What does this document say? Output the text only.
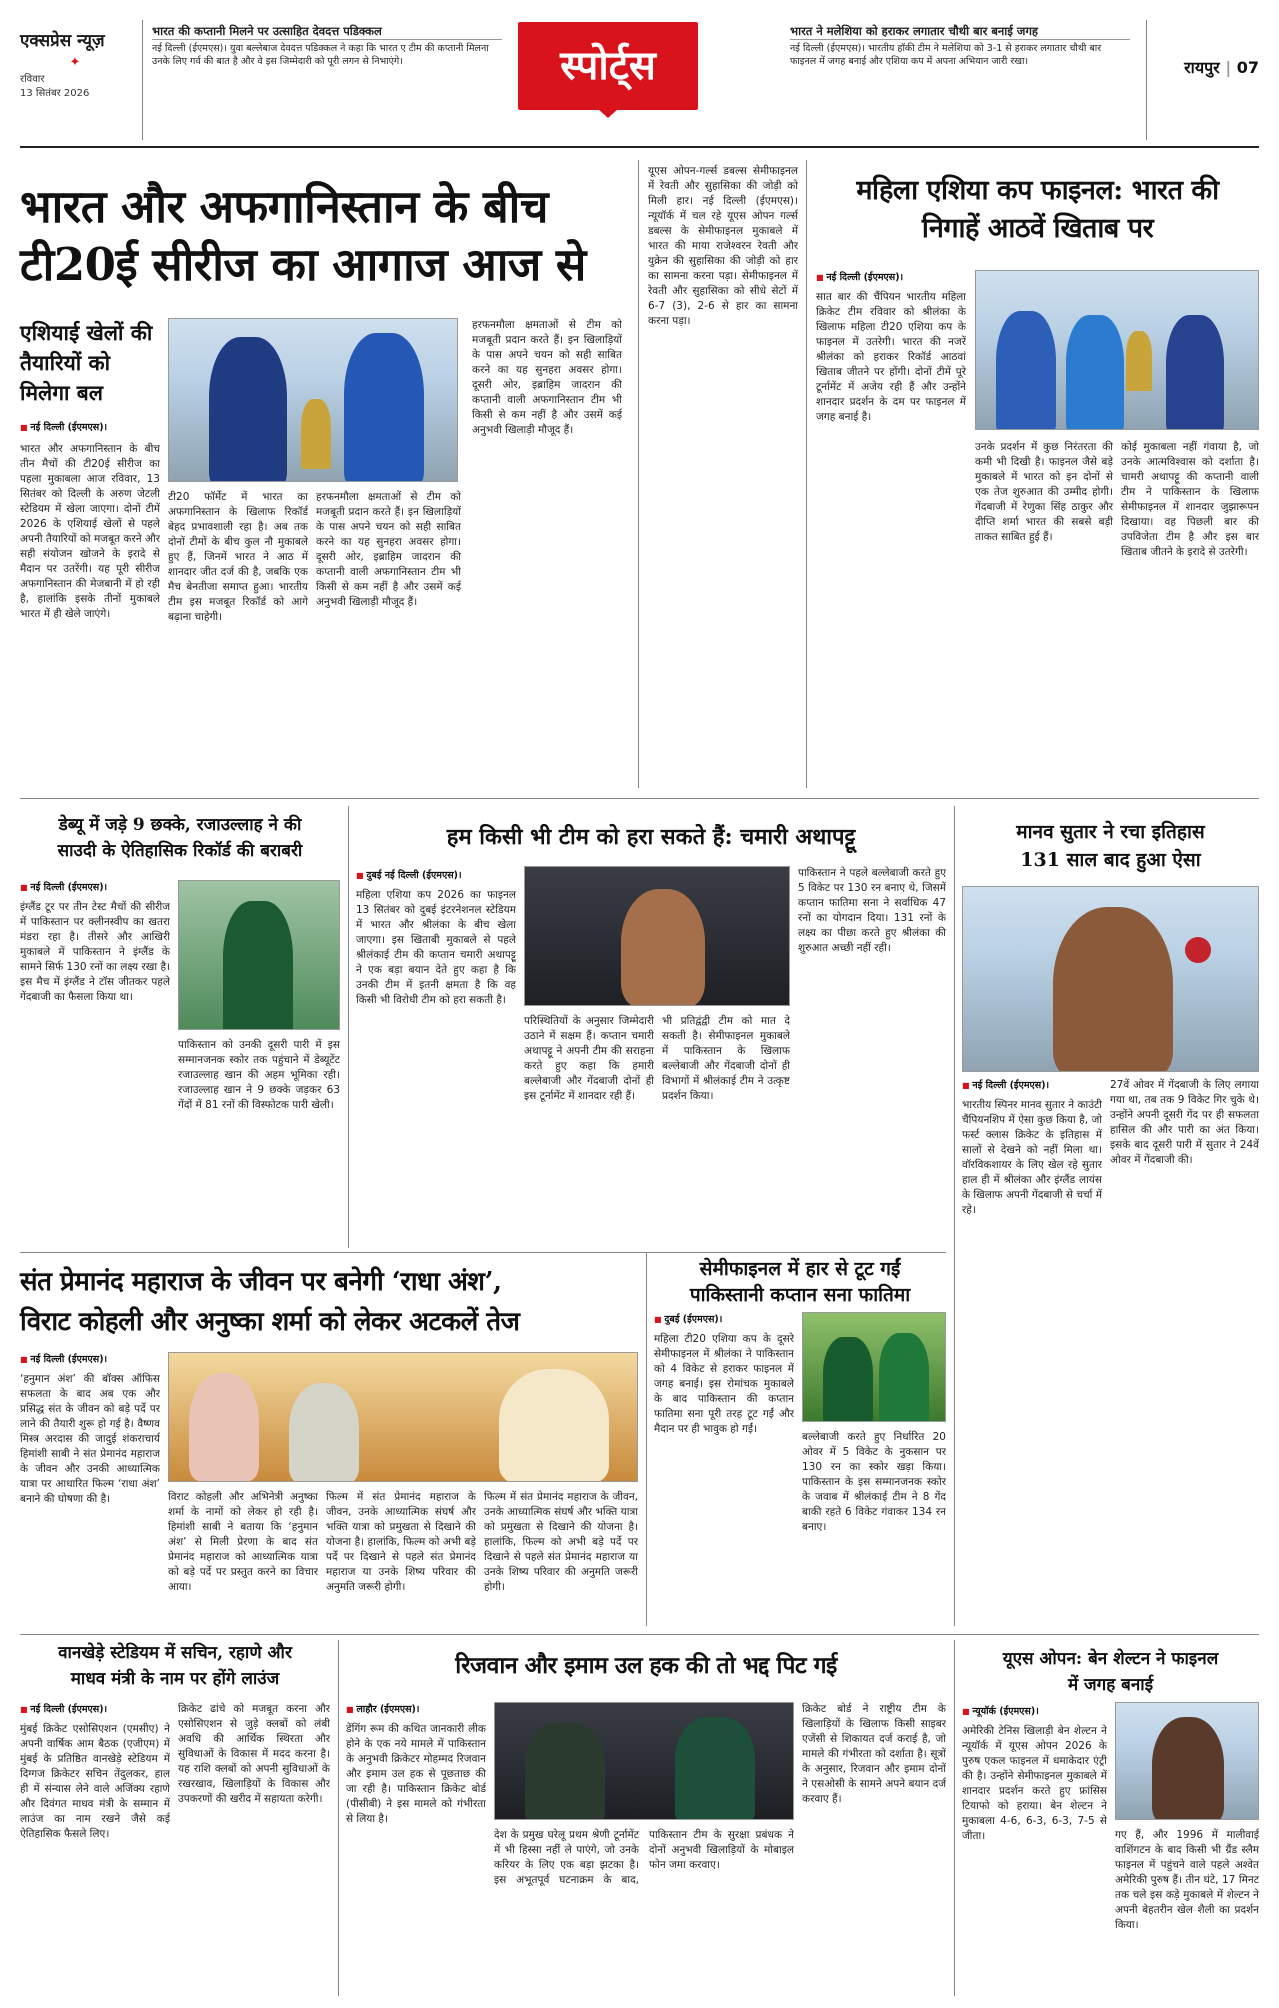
एक्सप्रेस न्यूज़
✦
रविवार
13 सितंबर 2026
भारत की कप्तानी मिलने पर उत्साहित देवदत्त पडिक्कल
नई दिल्ली (ईएमएस)। युवा बल्लेबाज देवदत्त पडिक्कल ने कहा कि भारत ए टीम की कप्तानी मिलना उनके लिए गर्व की बात है और वे इस जिम्मेदारी को पूरी लगन से निभाएंगे।	स्पोर्ट्स
भारत ने मलेशिया को हराकर लगातार चौथी बार बनाई जगह
नई दिल्ली (ईएमएस)। भारतीय हॉकी टीम ने मलेशिया को 3-1 से हराकर लगातार चौथी बार फाइनल में जगह बनाई और एशिया कप में अपना अभियान जारी रखा।	रायपुर | 07
भारत और अफगानिस्तान के बीच
टी20ई सीरीज का आगाज आज से
एशियाई खेलों की तैयारियों को मिलेगा बल
■ नई दिल्ली (ईएमएस)।
भारत और अफगानिस्तान के बीच तीन मैचों की टी20ई सीरीज का पहला मुकाबला आज रविवार, 13 सितंबर को दिल्ली के अरुण जेटली स्टेडियम में खेला जाएगा। दोनों टीमें 2026 के एशियाई खेलों से पहले अपनी तैयारियों को मजबूत करने और सही संयोजन खोजने के इरादे से मैदान पर उतरेंगी। यह पूरी सीरीज अफगानिस्तान की मेजबानी में हो रही है, हालांकि इसके तीनों मुकाबले भारत में ही खेले जाएंगे।
टी20 फॉर्मेट में भारत का अफगानिस्तान के खिलाफ रिकॉर्ड बेहद प्रभावशाली रहा है। अब तक दोनों टीमों के बीच कुल नौ मुकाबले हुए हैं, जिनमें भारत ने आठ में शानदार जीत दर्ज की है, जबकि एक मैच बेनतीजा समाप्त हुआ। भारतीय टीम इस मजबूत रिकॉर्ड को आगे बढ़ाना चाहेगी।
हरफनमौला क्षमताओं से टीम को मजबूती प्रदान करते हैं। इन खिलाड़ियों के पास अपने चयन को सही साबित करने का यह सुनहरा अवसर होगा। दूसरी ओर, इब्राहिम जादरान की कप्तानी वाली अफगानिस्तान टीम भी किसी से कम नहीं है और उसमें कई अनुभवी खिलाड़ी मौजूद हैं।
हरफनमौला क्षमताओं से टीम को मजबूती प्रदान करते हैं। इन खिलाड़ियों के पास अपने चयन को सही साबित करने का यह सुनहरा अवसर होगा। दूसरी ओर, इब्राहिम जादरान की कप्तानी वाली अफगानिस्तान टीम भी किसी से कम नहीं है और उसमें कई अनुभवी खिलाड़ी मौजूद हैं।
यूएस ओपन-गर्ल्स डबल्स सेमीफाइनल में रेवती और सुहासिका की जोड़ी को मिली हार। नई दिल्ली (ईएमएस)। न्यूयॉर्क में चल रहे यूएस ओपन गर्ल्स डबल्स के सेमीफाइनल मुकाबले में भारत की माया राजेश्वरन रेवती और युक्रेन की सुहासिका की जोड़ी को हार का सामना करना पड़ा। सेमीफाइनल में रेवती और सुहासिका को सीधे सेटों में 6-7 (3), 2-6 से हार का सामना करना पड़ा।
महिला एशिया कप फाइनल: भारत की
निगाहें आठवें खिताब पर
■ नई दिल्ली (ईएमएस)।
सात बार की चैंपियन भारतीय महिला क्रिकेट टीम रविवार को श्रीलंका के खिलाफ महिला टी20 एशिया कप के फाइनल में उतरेगी। भारत की नजरें श्रीलंका को हराकर रिकॉर्ड आठवां खिताब जीतने पर होंगी। दोनों टीमें पूरे टूर्नामेंट में अजेय रही हैं और उन्होंने शानदार प्रदर्शन के दम पर फाइनल में जगह बनाई है।
उनके प्रदर्शन में कुछ निरंतरता की कमी भी दिखी है। फाइनल जैसे बड़े मुकाबले में भारत को इन दोनों से एक तेज शुरुआत की उम्मीद होगी। गेंदबाजी में रेणुका सिंह ठाकुर और दीप्ति शर्मा भारत की सबसे बड़ी ताकत साबित हुई हैं।
कोई मुकाबला नहीं गंवाया है, जो उनके आत्मविश्वास को दर्शाता है। चामरी अथापट्टू की कप्तानी वाली टीम ने पाकिस्तान के खिलाफ सेमीफाइनल में शानदार जुझारूपन दिखाया। वह पिछली बार की उपविजेता टीम है और इस बार खिताब जीतने के इरादे से उतरेगी।
डेब्यू में जड़े 9 छक्के, रजाउल्लाह ने की
साउदी के ऐतिहासिक रिकॉर्ड की बराबरी
■ नई दिल्ली (ईएमएस)।
इंग्लैंड टूर पर तीन टेस्ट मैचों की सीरीज में पाकिस्तान पर क्लीनस्वीप का खतरा मंडरा रहा है। तीसरे और आखिरी मुकाबले में पाकिस्तान ने इंग्लैंड के सामने सिर्फ 130 रनों का लक्ष्य रखा है। इस मैच में इंग्लैंड ने टॉस जीतकर पहले गेंदबाजी का फैसला किया था।
पाकिस्तान को उनकी दूसरी पारी में इस सम्मानजनक स्कोर तक पहुंचाने में डेब्यूटेंट रजाउल्लाह खान की अहम भूमिका रही। रजाउल्लाह खान ने 9 छक्के जड़कर 63 गेंदों में 81 रनों की विस्फोटक पारी खेली।
हम किसी भी टीम को हरा सकते हैं: चमारी अथापट्टू
■ दुबई नई दिल्ली (ईएमएस)।
महिला एशिया कप 2026 का फाइनल 13 सितंबर को दुबई इंटरनेशनल स्टेडियम में भारत और श्रीलंका के बीच खेला जाएगा। इस खिताबी मुकाबले से पहले श्रीलंकाई टीम की कप्तान चमारी अथापट्टू ने एक बड़ा बयान देते हुए कहा है कि उनकी टीम में इतनी क्षमता है कि वह किसी भी विरोधी टीम को हरा सकती है।
परिस्थितियों के अनुसार जिम्मेदारी उठाने में सक्षम हैं। कप्तान चमारी अथापट्टू ने अपनी टीम की सराहना करते हुए कहा कि हमारी बल्लेबाजी और गेंदबाजी दोनों ही इस टूर्नामेंट में शानदार रही हैं।
भी प्रतिद्वंद्वी टीम को मात दे सकती है। सेमीफाइनल मुकाबले में पाकिस्तान के खिलाफ बल्लेबाजी और गेंदबाजी दोनों ही विभागों में श्रीलंकाई टीम ने उत्कृष्ट प्रदर्शन किया।
पाकिस्तान ने पहले बल्लेबाजी करते हुए 5 विकेट पर 130 रन बनाए थे, जिसमें कप्तान फातिमा सना ने सर्वाधिक 47 रनों का योगदान दिया। 131 रनों के लक्ष्य का पीछा करते हुए श्रीलंका की शुरुआत अच्छी नहीं रही।
मानव सुतार ने रचा इतिहास
131 साल बाद हुआ ऐसा
■ नई दिल्ली (ईएमएस)।
भारतीय स्पिनर मानव सुतार ने काउंटी चैंपियनशिप में ऐसा कुछ किया है, जो फर्स्ट क्लास क्रिकेट के इतिहास में सालों से देखने को नहीं मिला था। वॉरविकशायर के लिए खेल रहे सुतार हाल ही में श्रीलंका और इंग्लैंड लायंस के खिलाफ अपनी गेंदबाजी से चर्चा में रहे।
27वें ओवर में गेंदबाजी के लिए लगाया गया था, तब तक 9 विकेट गिर चुके थे। उन्होंने अपनी दूसरी गेंद पर ही सफलता हासिल की और पारी का अंत किया। इसके बाद दूसरी पारी में सुतार ने 24वें ओवर में गेंदबाजी की।
संत प्रेमानंद महाराज के जीवन पर बनेगी ‘राधा अंश’,
विराट कोहली और अनुष्का शर्मा को लेकर अटकलें तेज
■ नई दिल्ली (ईएमएस)।
‘हनुमान अंश’ की बॉक्स ऑफिस सफलता के बाद अब एक और प्रसिद्ध संत के जीवन को बड़े पर्दे पर लाने की तैयारी शुरू हो गई है। वैष्णव मिस्त्र अरदास की जादुई शंकराचार्य हिमांशी साबी ने संत प्रेमानंद महाराज के जीवन और उनकी आध्यात्मिक यात्रा पर आधारित फिल्म ‘राधा अंश’ बनाने की घोषणा की है।	विराट कोहली और अभिनेत्री अनुष्का शर्मा के नामों को लेकर हो रही है। हिमांशी साबी ने बताया कि ‘हनुमान अंश’ से मिली प्रेरणा के बाद संत प्रेमानंद महाराज को आध्यात्मिक यात्रा को बड़े पर्दे पर प्रस्तुत करने का विचार आया।
फिल्म में संत प्रेमानंद महाराज के जीवन, उनके आध्यात्मिक संघर्ष और भक्ति यात्रा को प्रमुखता से दिखाने की योजना है। हालांकि, फिल्म को अभी बड़े पर्दे पर दिखाने से पहले संत प्रेमानंद महाराज या उनके शिष्य परिवार की अनुमति जरूरी होगी।
फिल्म में संत प्रेमानंद महाराज के जीवन, उनके आध्यात्मिक संघर्ष और भक्ति यात्रा को प्रमुखता से दिखाने की योजना है। हालांकि, फिल्म को अभी बड़े पर्दे पर दिखाने से पहले संत प्रेमानंद महाराज या उनके शिष्य परिवार की अनुमति जरूरी होगी।
सेमीफाइनल में हार से टूट गईं
पाकिस्तानी कप्तान सना फातिमा
■ दुबई (ईएमएस)।
महिला टी20 एशिया कप के दूसरे सेमीफाइनल में श्रीलंका ने पाकिस्तान को 4 विकेट से हराकर फाइनल में जगह बनाई। इस रोमांचक मुकाबले के बाद पाकिस्तान की कप्तान फातिमा सना पूरी तरह टूट गईं और मैदान पर ही भावुक हो गईं।
बल्लेबाजी करते हुए निर्धारित 20 ओवर में 5 विकेट के नुकसान पर 130 रन का स्कोर खड़ा किया। पाकिस्तान के इस सम्मानजनक स्कोर के जवाब में श्रीलंकाई टीम ने 8 गेंद बाकी रहते 6 विकेट गंवाकर 134 रन बनाए।
वानखेड़े स्टेडियम में सचिन, रहाणे और
माधव मंत्री के नाम पर होंगे लाउंज
■ नई दिल्ली (ईएमएस)।
मुंबई क्रिकेट एसोसिएशन (एमसीए) ने अपनी वार्षिक आम बैठक (एजीएम) में मुंबई के प्रतिष्ठित वानखेड़े स्टेडियम में दिग्गज क्रिकेटर सचिन तेंदुलकर, हाल ही में संन्यास लेने वाले अजिंक्य रहाणे और दिवंगत माधव मंत्री के सम्मान में लाउंज का नाम रखने जैसे कई ऐतिहासिक फैसले लिए।
क्रिकेट ढांचे को मजबूत करना और एसोसिएशन से जुड़े क्लबों को लंबी अवधि की आर्थिक स्थिरता और सुविधाओं के विकास में मदद करना है। यह राशि क्लबों को अपनी सुविधाओं के रखरखाव, खिलाड़ियों के विकास और उपकरणों की खरीद में सहायता करेगी।
रिजवान और इमाम उल हक की तो भद्द पिट गई
■ लाहौर (ईएमएस)।
डेंगिंग रूम की कथित जानकारी लीक होने के एक नये मामले में पाकिस्तान के अनुभवी क्रिकेटर मोहम्मद रिजवान और इमाम उल हक से पूछताछ की जा रही है। पाकिस्तान क्रिकेट बोर्ड (पीसीबी) ने इस मामले को गंभीरता से लिया है।
देश के प्रमुख घरेलू प्रथम श्रेणी टूर्नामेंट में भी हिस्सा नहीं ले पाएंगे, जो उनके करियर के लिए एक बड़ा झटका है। इस अभूतपूर्व घटनाक्रम के बाद, पाकिस्तान टीम के सुरक्षा प्रबंधक ने दोनों अनुभवी खिलाड़ियों के मोबाइल फोन जमा करवाए।
क्रिकेट बोर्ड ने राष्ट्रीय टीम के खिलाड़ियों के खिलाफ किसी साइबर एजेंसी से शिकायत दर्ज कराई है, जो मामले की गंभीरता को दर्शाता है। सूत्रों के अनुसार, रिजवान और इमाम दोनों ने एसओसी के सामने अपने बयान दर्ज करवाए हैं।
यूएस ओपन: बेन शेल्टन ने फाइनल
में जगह बनाई
■ न्यूयॉर्क (ईएमएस)।
अमेरिकी टेनिस खिलाड़ी बेन शेल्टन ने न्यूयॉर्क में यूएस ओपन 2026 के पुरुष एकल फाइनल में धमाकेदार एंट्री की है। उन्होंने सेमीफाइनल मुकाबले में शानदार प्रदर्शन करते हुए फ्रांसिस टियाफो को हराया। बेन शेल्टन ने मुकाबला 4-6, 6-3, 6-3, 7-5 से जीता।	गए हैं, और 1996 में मालीवाई वाशिंगटन के बाद किसी भी ग्रैंड स्लैम फाइनल में पहुंचने वाले पहले अश्वेत अमेरिकी पुरुष हैं। तीन घंटे, 17 मिनट तक चले इस कड़े मुकाबले में शेल्टन ने अपनी बेहतरीन खेल शैली का प्रदर्शन किया।
